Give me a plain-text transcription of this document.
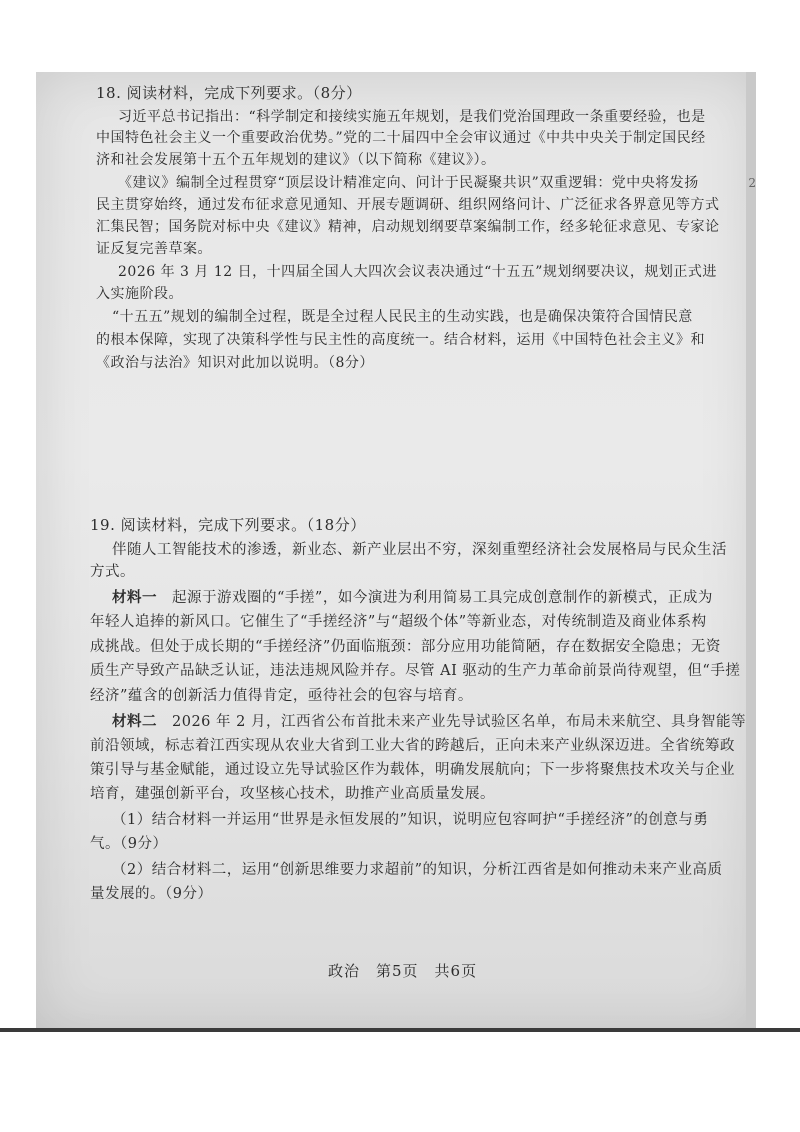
2
18. 阅读材料，完成下列要求。（8分）
习近平总书记指出：“科学制定和接续实施五年规划，是我们党治国理政一条重要经验，也是
中国特色社会主义一个重要政治优势。”党的二十届四中全会审议通过《中共中央关于制定国民经
济和社会发展第十五个五年规划的建议》（以下简称《建议》）。
《建议》编制全过程贯穿“顶层设计精准定向、问计于民凝聚共识”双重逻辑：党中央将发扬
民主贯穿始终，通过发布征求意见通知、开展专题调研、组织网络问计、广泛征求各界意见等方式
汇集民智；国务院对标中央《建议》精神，启动规划纲要草案编制工作，经多轮征求意见、专家论
证反复完善草案。
2026 年 3 月 12 日，十四届全国人大四次会议表决通过“十五五”规划纲要决议，规划正式进
入实施阶段。
“十五五”规划的编制全过程，既是全过程人民民主的生动实践，也是确保决策符合国情民意
的根本保障，实现了决策科学性与民主性的高度统一。结合材料，运用《中国特色社会主义》和
《政治与法治》知识对此加以说明。（8分）
19. 阅读材料，完成下列要求。（18分）
伴随人工智能技术的渗透，新业态、新产业层出不穷，深刻重塑经济社会发展格局与民众生活
方式。
材料一　 起源于游戏圈的“手搓”，如今演进为利用简易工具完成创意制作的新模式，正成为
年轻人追捧的新风口。它催生了“手搓经济”与“超级个体”等新业态，对传统制造及商业体系构
成挑战。但处于成长期的“手搓经济”仍面临瓶颈：部分应用功能简陋，存在数据安全隐患；无资
质生产导致产品缺乏认证，违法违规风险并存。尽管 AI 驱动的生产力革命前景尚待观望，但“手搓
经济”蕴含的创新活力值得肯定，亟待社会的包容与培育。
材料二　 2026 年 2 月，江西省公布首批未来产业先导试验区名单，布局未来航空、具身智能等
前沿领域，标志着江西实现从农业大省到工业大省的跨越后，正向未来产业纵深迈进。全省统筹政
策引导与基金赋能，通过设立先导试验区作为载体，明确发展航向；下一步将聚焦技术攻关与企业
培育，建强创新平台，攻坚核心技术，助推产业高质量发展。
（1）结合材料一并运用“世界是永恒发展的”知识，说明应包容呵护“手搓经济”的创意与勇
气。（9分）
（2）结合材料二，运用“创新思维要力求超前”的知识，分析江西省是如何推动未来产业高质
量发展的。（9分）
政治　第5页　共6页
